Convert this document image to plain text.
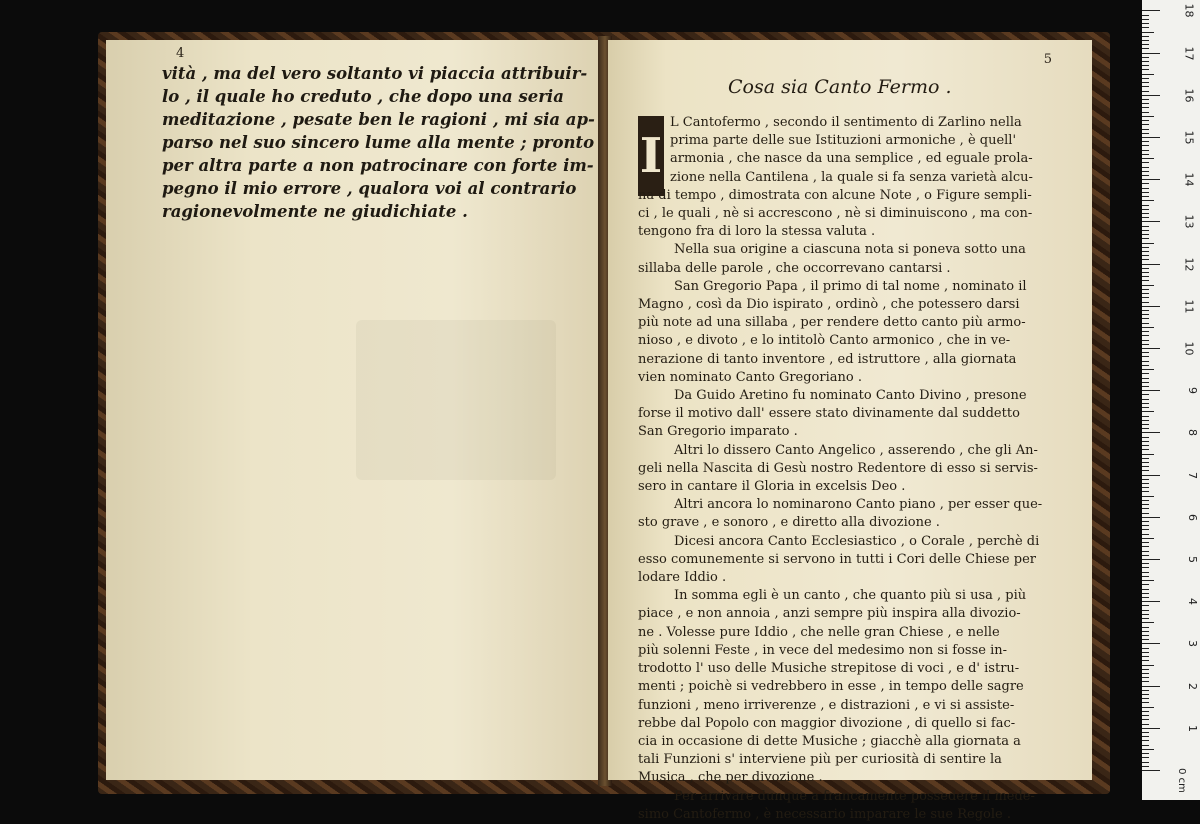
4
vità , ma del vero soltanto vi piaccia attribuir-
lo , il quale ho creduto , che dopo una seria
meditazione , pesate ben le ragioni , mi sia ap-
parso nel suo sincero lume alla mente ; pronto
per altra parte a non patrocinare con forte im-
pegno il mio errore , qualora voi al contrario
ragionevolmente ne giudichiate .
5
Cosa sia Canto Fermo .
I
L Cantofermo , secondo il sentimento di Zarlino nella
prima parte delle sue Istituzioni armoniche , è quell'
armonia , che nasce da una semplice , ed eguale prola-
zione nella Cantilena , la quale si fa senza varietà alcu-
na di tempo , dimostrata con alcune Note , o Figure sempli-
ci , le quali , nè si accrescono , nè si diminuiscono , ma con-
tengono fra di loro la stessa valuta .
Nella sua origine a ciascuna nota si poneva sotto una
sillaba delle parole , che occorrevano cantarsi .
San Gregorio Papa , il primo di tal nome , nominato il
Magno , così da Dio ispirato , ordinò , che potessero darsi
più note ad una sillaba , per rendere detto canto più armo-
nioso , e divoto , e lo intitolò Canto armonico , che in ve-
nerazione di tanto inventore , ed istruttore , alla giornata
vien nominato Canto Gregoriano .
Da Guido Aretino fu nominato Canto Divino , presone
forse il motivo dall' essere stato divinamente dal suddetto
San Gregorio imparato .
Altri lo dissero Canto Angelico , asserendo , che gli An-
geli nella Nascita di Gesù nostro Redentore di esso si servis-
sero in cantare il Gloria in excelsis Deo .
Altri ancora lo nominarono Canto piano , per esser que-
sto grave , e sonoro , e diretto alla divozione .
Dicesi ancora Canto Ecclesiastico , o Corale , perchè di
esso comunemente si servono in tutti i Cori delle Chiese per
lodare Iddio .
In somma egli è un canto , che quanto più si usa , più
piace , e non annoia , anzi sempre più inspira alla divozio-
ne . Volesse pure Iddio , che nelle gran Chiese , e nelle
più solenni Feste , in vece del medesimo non si fosse in-
trodotto l' uso delle Musiche strepitose di voci , e d' istru-
menti ; poichè si vedrebbero in esse , in tempo delle sagre
funzioni , meno irriverenze , e distrazioni , e vi si assiste-
rebbe dal Popolo con maggior divozione , di quello si fac-
cia in occasione di dette Musiche ; giacchè alla giornata a
tali Funzioni s' interviene più per curiosità di sentire la
Musica , che per divozione .
Per arrivare dunque a francamente possedere il mede-
simo Cantofermo , è necessario imparare le sue Regole .
0 cm
1
2
3
4
5
6
7
8
9
10
11
12
13
14
15
16
17
18
